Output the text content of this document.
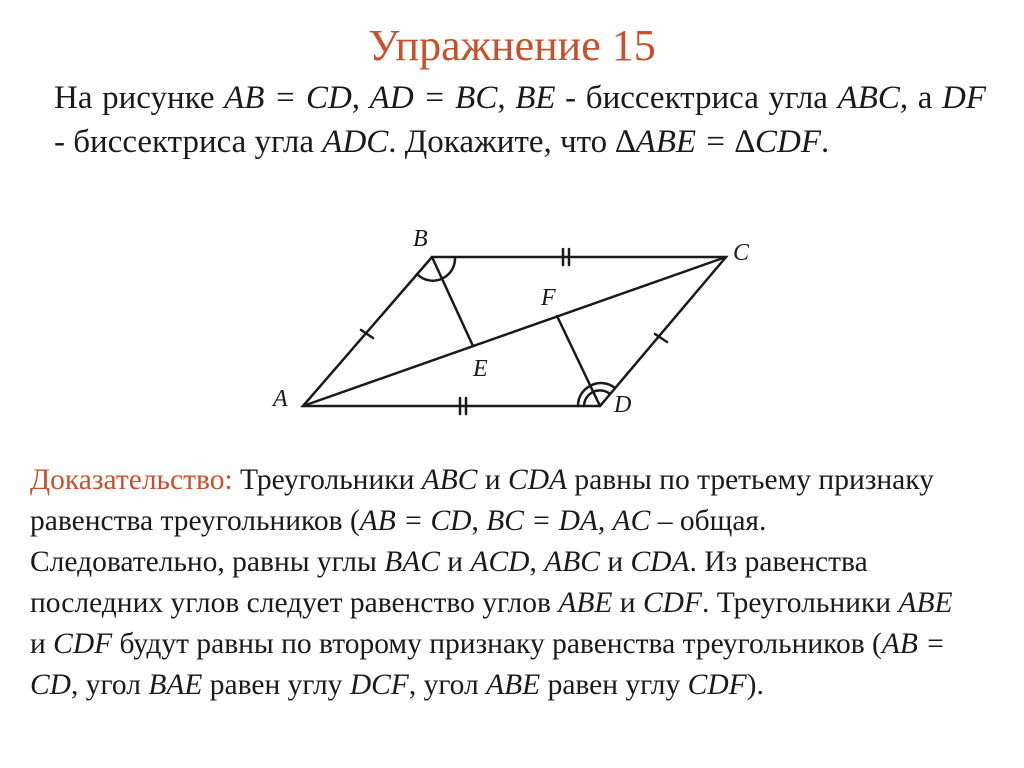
Упражнение 15
На рисунке AB = CD, AD = BC, BE - биссектриса угла ABC, а DF - биссектриса угла ADC. Докажите, что ∆ABE = ∆CDF.
A
B
C
D
E
F
Доказательство: Треугольники ABC и CDA равны по третьему признаку равенства треугольников (AB = CD, BC = DA, AC – общая. Следовательно, равны углы BAC и ACD, ABC и CDA. Из равенства последних углов следует равенство углов ABE и CDF. Треугольники ABE и CDF будут равны по второму признаку равенства треугольников (AB = CD, угол BAE равен углу DCF, угол ABE равен углу CDF).
